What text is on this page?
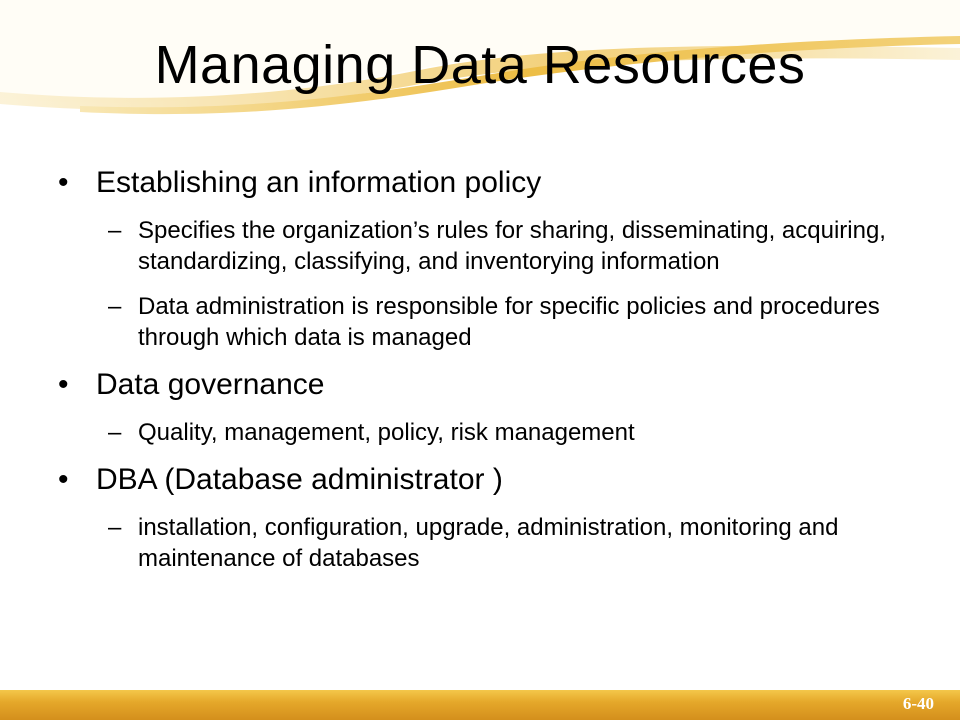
Managing Data Resources
• Establishing an information policy
– Specifies the organization’s rules for sharing, disseminating, acquiring, standardizing, classifying, and inventorying information
– Data administration is responsible for specific policies and procedures through which data is managed
• Data governance
– Quality, management, policy, risk management
• DBA (Database administrator )
– installation, configuration, upgrade, administration, monitoring and maintenance of databases
6-40
